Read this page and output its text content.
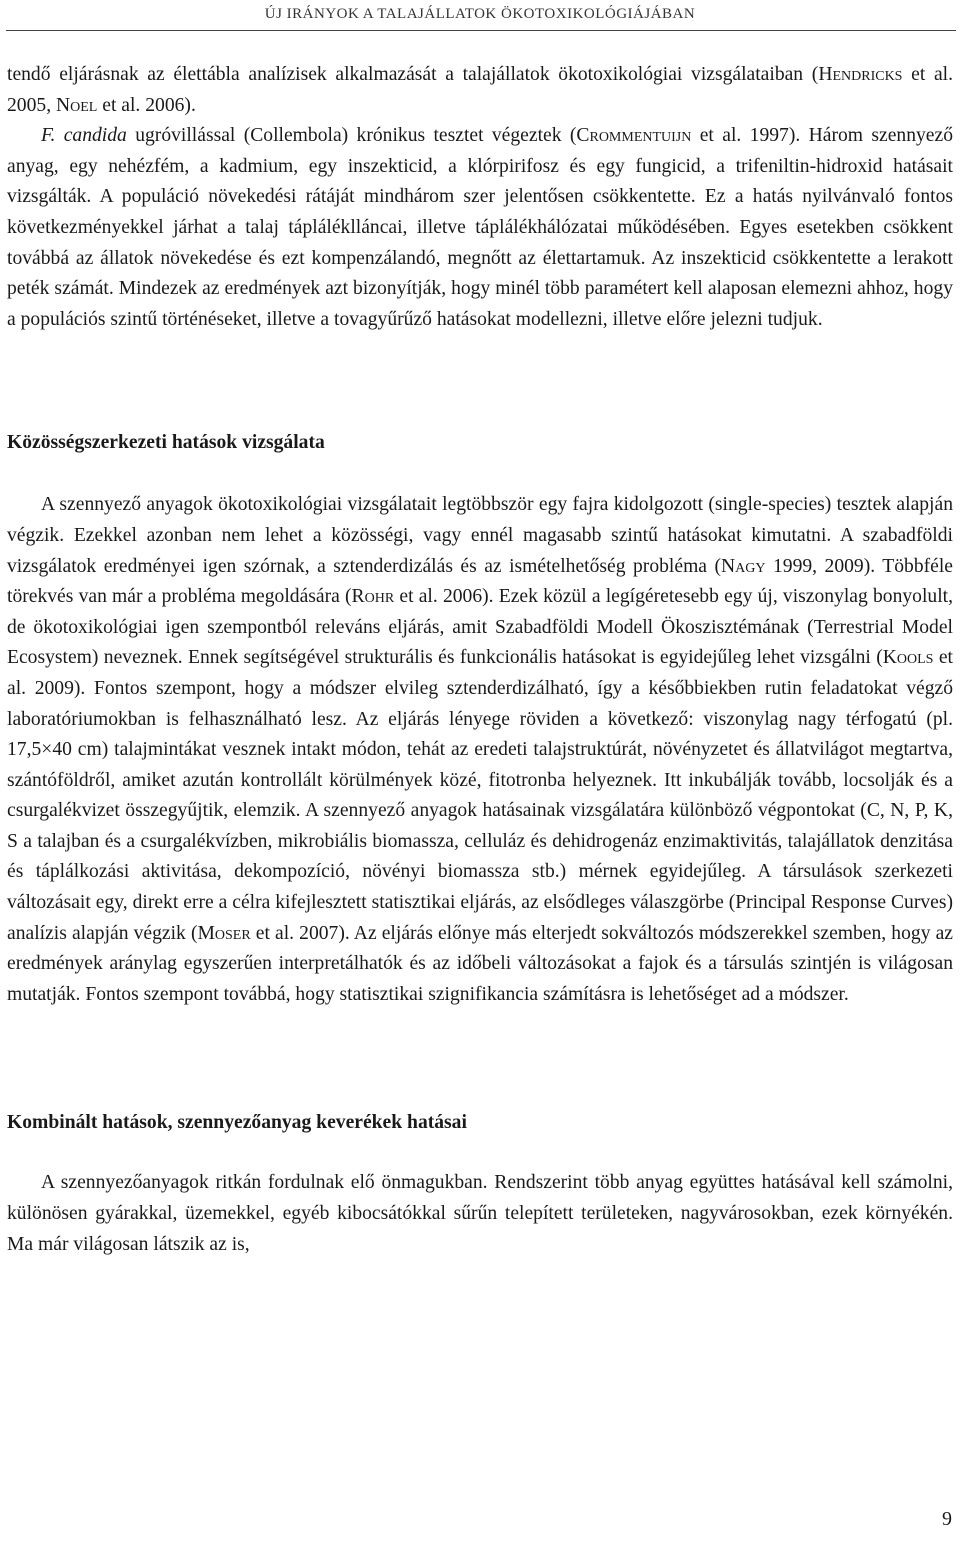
ÚJ IRÁNYOK A TALAJÁLLATOK ÖKOTOXIKOLÓGIÁJÁBAN

tendő eljárásnak az élettábla analízisek alkalmazását a talajállatok ökotoxikológiai vizsgálataiban (Hendricks et al. 2005, Noel et al. 2006).

F. candida ugróvillással (Collembola) krónikus tesztet végeztek (Crommentuijn et al. 1997). Három szennyező anyag, egy nehézfém, a kadmium, egy inszekticid, a klórpirifosz és egy fungicid, a trifeniltin-hidroxid hatásait vizsgálták. A populáció növekedési rátáját mindhárom szer jelentősen csökkentette. Ez a hatás nyilvánvaló fontos következményekkel járhat a talaj tápláléklláncai, illetve táplálékhálózatai működésében. Egyes esetekben csökkent továbbá az állatok növekedése és ezt kompenzálandó, megnőtt az élettartamuk. Az inszekticid csökkentette a lerakott peték számát. Mindezek az eredmények azt bizonyítják, hogy minél több paramétert kell alaposan elemezni ahhoz, hogy a populációs szintű történéseket, illetve a tovagyűrűző hatásokat modellezni, illetve előre jelezni tudjuk.

Közösségszerkezeti hatások vizsgálata

A szennyező anyagok ökotoxikológiai vizsgálatait legtöbbször egy fajra kidolgozott (single-species) tesztek alapján végzik. Ezekkel azonban nem lehet a közösségi, vagy ennél magasabb szintű hatásokat kimutatni. A szabadföldi vizsgálatok eredményei igen szórnak, a sztenderdizálás és az ismételhetőség probléma (Nagy 1999, 2009). Többféle törekvés van már a probléma megoldására (Rohr et al. 2006). Ezek közül a legígéretesebb egy új, viszonylag bonyolult, de ökotoxikológiai igen szempontból releváns eljárás, amit Szabadföldi Modell Ökoszisztémának (Terrestrial Model Ecosystem) neveznek. Ennek segítségével strukturális és funkcionális hatásokat is egyidejűleg lehet vizsgálni (Kools et al. 2009). Fontos szempont, hogy a módszer elvileg sztenderdizálható, így a későbbiekben rutin feladatokat végző laboratóriumokban is felhasználható lesz. Az eljárás lényege röviden a következő: viszonylag nagy térfogatú (pl. 17,5×40 cm) talajmintákat vesznek intakt módon, tehát az eredeti talajstruktúrát, növényzetet és állatvilágot megtartva, szántóföldről, amiket azután kontrollált körülmények közé, fitotronba helyeznek. Itt inkubálják tovább, locsolják és a csurgalékvizet összegyűjtik, elemzik. A szennyező anyagok hatásainak vizsgálatára különböző végpontokat (C, N, P, K, S a talajban és a csurgalékvízben, mikrobiális biomassza, celluláz és dehidrogenáz enzimaktivitás, talajállatok denzitása és táplálkozási aktivitása, dekompozíció, növényi biomassza stb.) mérnek egyidejűleg. A társulások szerkezeti változásait egy, direkt erre a célra kifejlesztett statisztikai eljárás, az elsődleges válaszgörbe (Principal Response Curves) analízis alapján végzik (Moser et al. 2007). Az eljárás előnye más elterjedt sokváltozós módszerekkel szemben, hogy az eredmények aránylag egyszerűen interpretálhatók és az időbeli változásokat a fajok és a társulás szintjén is világosan mutatják. Fontos szempont továbbá, hogy statisztikai szignifikancia számításra is lehetőséget ad a módszer.

Kombinált hatások, szennyezőanyag keverékek hatásai

A szennyezőanyagok ritkán fordulnak elő önmagukban. Rendszerint több anyag együttes hatásával kell számolni, különösen gyárakkal, üzemekkel, egyéb kibocsátókkal sűrűn telepített területeken, nagyvárosokban, ezek környékén. Ma már világosan látszik az is,

9
